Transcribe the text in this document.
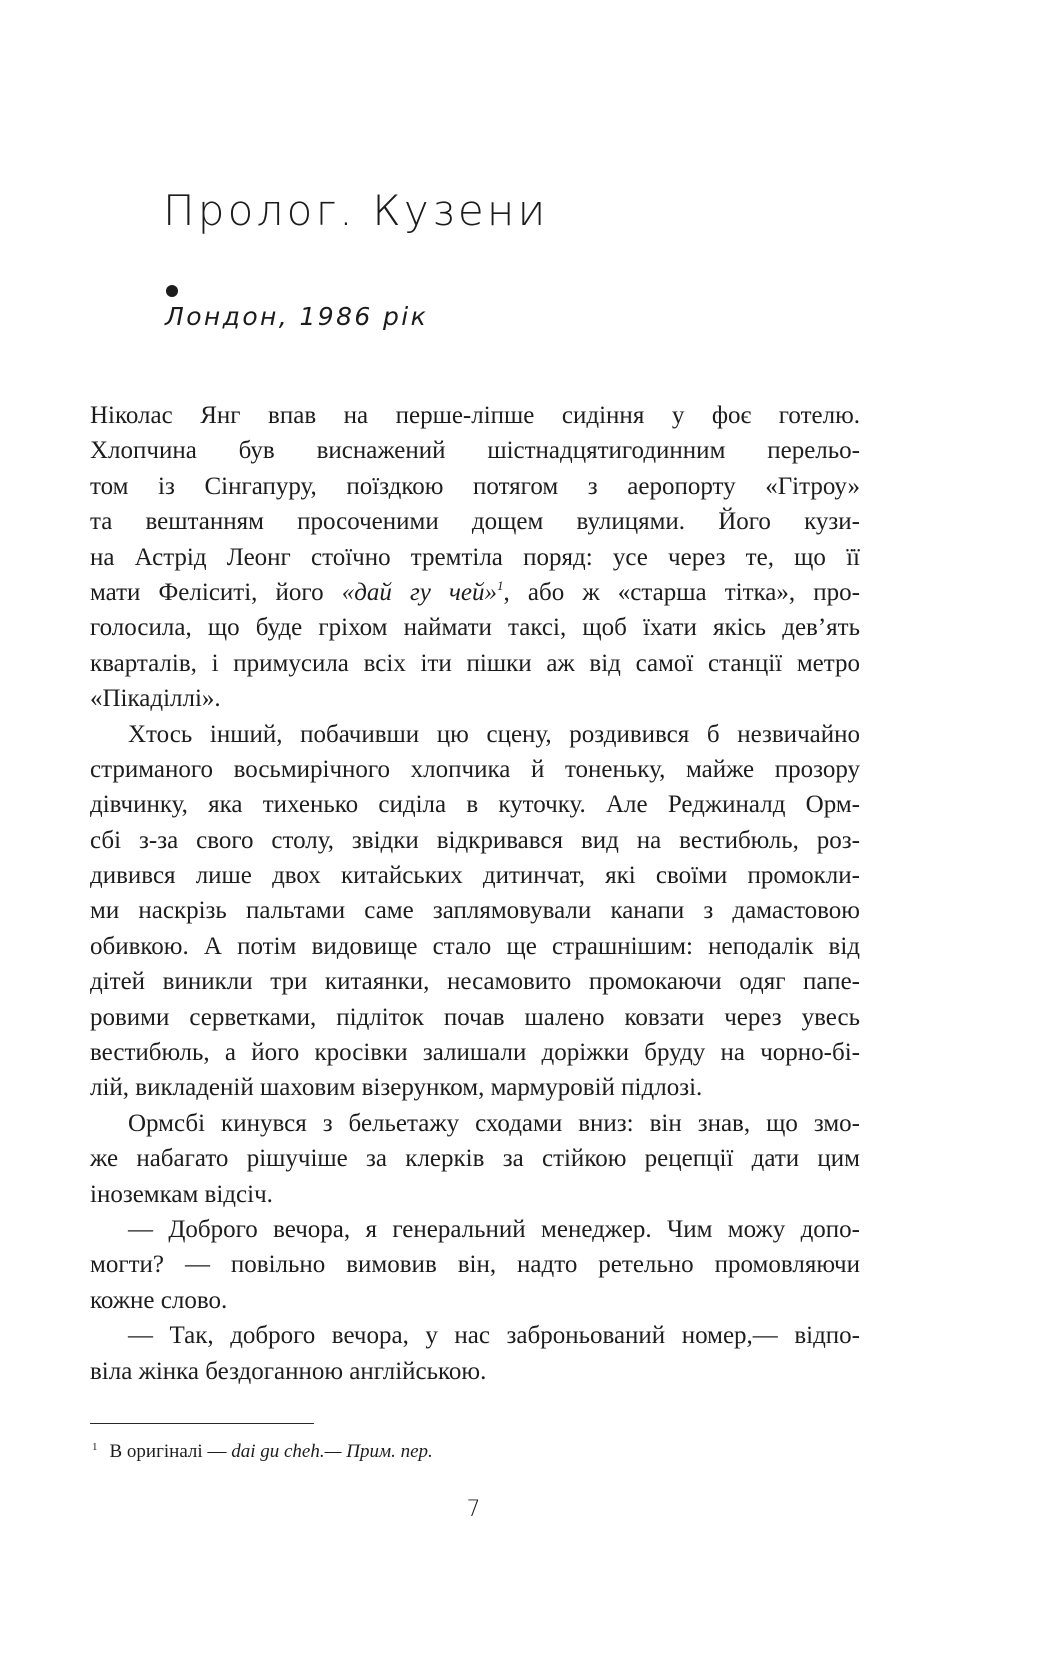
Пролог. Кузени
Лондон, 1986 рік
Ніколас Янг впав на перше-ліпше сидіння у фоє готелю.
Хлопчина був виснажений шістнадцятигодинним перельо-
том із Сінгапуру, поїздкою потягом з аеропорту «Гітроу»
та вештанням просоченими дощем вулицями. Його кузи-
на Астрід Леонг стоїчно тремтіла поряд: усе через те, що її
мати Феліситі, його «дай гу чей»$^1$, або ж «старша тітка», про-
голосила, що буде гріхом наймати таксі, щоб їхати якісь дев’ять
кварталів, і примусила всіх іти пішки аж від самої станції метро
«Пікаділлі».
Хтось інший, побачивши цю сцену, роздивився б незвичайно
стриманого восьмирічного хлопчика й тоненьку, майже прозору
дівчинку, яка тихенько сиділа в куточку. Але Реджиналд Орм-
сбі з-за свого столу, звідки відкривався вид на вестибюль, роз-
дивився лише двох китайських дитинчат, які своїми промокли-
ми наскрізь пальтами саме заплямовували канапи з дамастовою
обивкою. А потім видовище стало ще страшнішим: неподалік від
дітей виникли три китаянки, несамовито промокаючи одяг папе-
ровими серветками, підліток почав шалено ковзати через увесь
вестибюль, а його кросівки залишали доріжки бруду на чорно-бі-
лій, викладеній шаховим візерунком, мармуровій підлозі.
Ормсбі кинувся з бельетажу сходами вниз: він знав, що змо-
же набагато рішучіше за клерків за стійкою рецепції дати цим
іноземкам відсіч.
— Доброго вечора, я генеральний менеджер. Чим можу допо-
могти? — повільно вимовив він, надто ретельно промовляючи
кожне слово.
— Так, доброго вечора, у нас заброньований номер,— відпо-
віла жінка бездоганною англійською.
$^1$ В оригіналі — dai gu cheh.— Прим. пер.
7
